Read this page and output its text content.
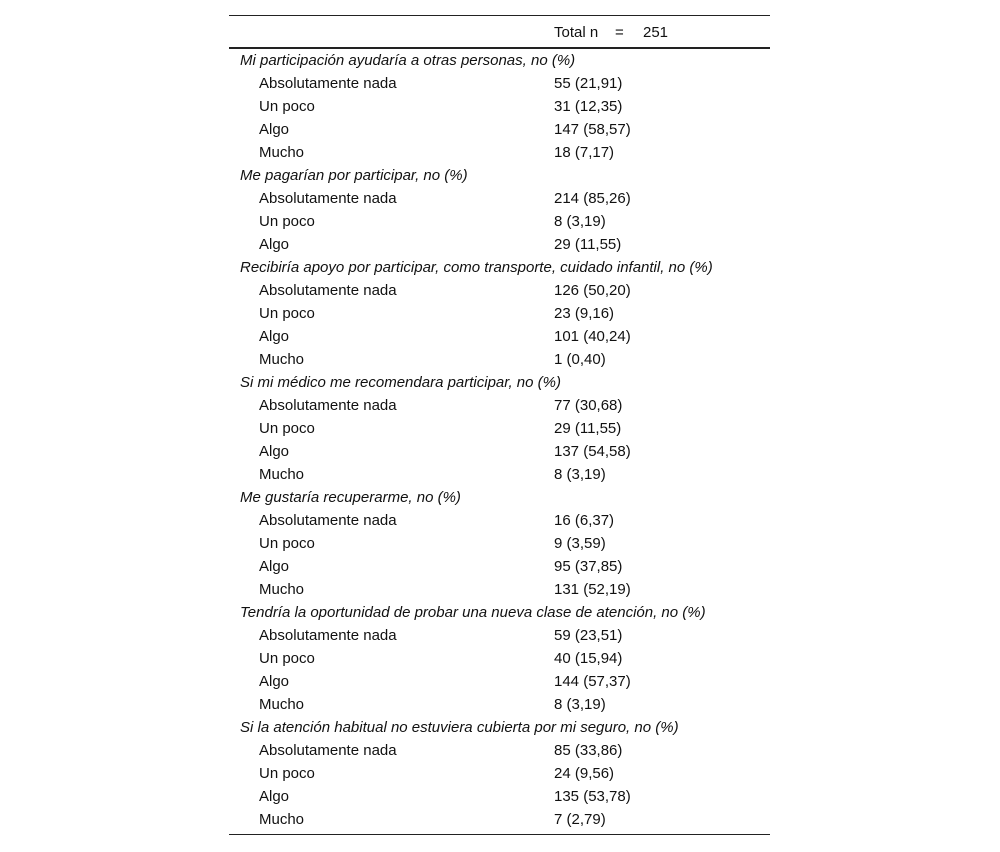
Total n = 251
Mi participación ayudaría a otras personas, no (%)
Absolutamente nada	55 (21,91)
Un poco	31 (12,35)
Algo	147 (58,57)
Mucho	18 (7,17)
Me pagarían por participar, no (%)
Absolutamente nada	214 (85,26)
Un poco	8 (3,19)
Algo	29 (11,55)
Recibiría apoyo por participar, como transporte, cuidado infantil, no (%)
Absolutamente nada	126 (50,20)
Un poco	23 (9,16)
Algo	101 (40,24)
Mucho	1 (0,40)
Si mi médico me recomendara participar, no (%)
Absolutamente nada	77 (30,68)
Un poco	29 (11,55)
Algo	137 (54,58)
Mucho	8 (3,19)
Me gustaría recuperarme, no (%)
Absolutamente nada	16 (6,37)
Un poco	9 (3,59)
Algo	95 (37,85)
Mucho	131 (52,19)
Tendría la oportunidad de probar una nueva clase de atención, no (%)
Absolutamente nada	59 (23,51)
Un poco	40 (15,94)
Algo	144 (57,37)
Mucho	8 (3,19)
Si la atención habitual no estuviera cubierta por mi seguro, no (%)
Absolutamente nada	85 (33,86)
Un poco	24 (9,56)
Algo	135 (53,78)
Mucho	7 (2,79)
